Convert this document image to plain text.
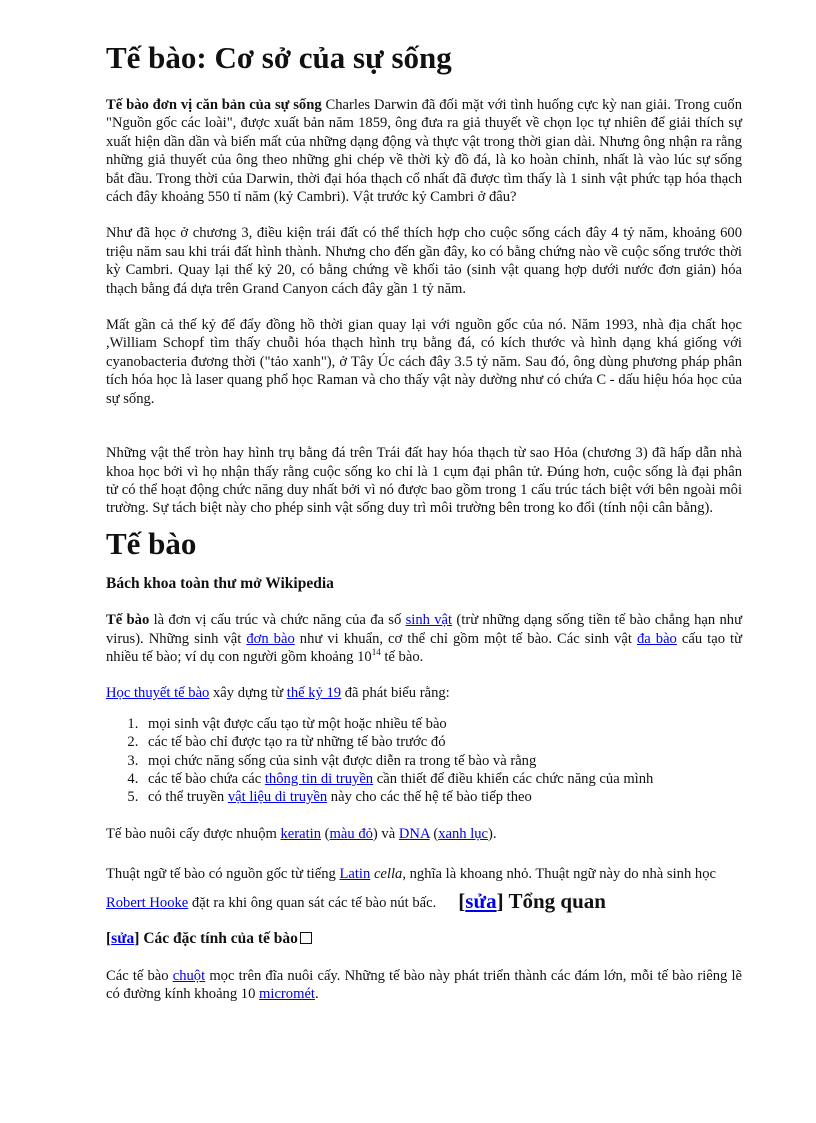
Tế bào: Cơ sở của sự sống

Tế bào đơn vị căn bản của sự sống Charles Darwin đã đối mặt với tình huống cực kỳ nan giải. Trong cuốn "Nguồn gốc các loài", được xuất bản năm 1859, ông đưa ra giả thuyết về chọn lọc tự nhiên để giải thích sự xuất hiện dần dần và biến mất của những dạng động và thực vật trong thời gian dài. Nhưng ông nhận ra rằng những giả thuyết của ông theo những ghi chép về thời kỳ đồ đá, là ko hoàn chỉnh, nhất là vào lúc sự sống bắt đầu. Trong thời của Darwin, thời đại hóa thạch cổ nhất đã được tìm thấy là 1 sinh vật phức tạp hóa thạch cách đây khoảng 550 tỉ năm (kỷ Cambri). Vật trước kỷ Cambri ở đâu?

Như đã học ở chương 3, điều kiện trái đất có thể thích hợp cho cuộc sống cách đây 4 tỷ năm, khoảng 600 triệu năm sau khi trái đất hình thành. Nhưng cho đến gần đây, ko có bằng chứng nào về cuộc sống trước thời kỳ Cambri. Quay lại thế kỷ 20, có bằng chứng về khối tảo (sinh vật quang hợp dưới nước đơn giản) hóa thạch bằng đá dựa trên Grand Canyon cách đây gần 1 tỷ năm.

Mất gần cả thế kỷ để đẩy đồng hồ thời gian quay lại với nguồn gốc của nó. Năm 1993, nhà địa chất học ,William Schopf tìm thấy chuỗi hóa thạch hình trụ bằng đá, có kích thước và hình dạng khá giống với cyanobacteria đương thời ("tảo xanh"), ở Tây Úc cách đây 3.5 tỷ năm. Sau đó, ông dùng phương pháp phân tích hóa học là laser quang phổ học Raman và cho thấy vật này dường như có chứa C - dấu hiệu hóa học của sự sống.

Những vật thể tròn hay hình trụ bằng đá trên Trái đất hay hóa thạch từ sao Hỏa (chương 3) đã hấp dẫn nhà khoa học bởi vì họ nhận thấy rằng cuộc sống ko chỉ là 1 cụm đại phân tử. Đúng hơn, cuộc sống là đại phân tử có thể hoạt động chức năng duy nhất bởi vì nó được bao gồm trong 1 cấu trúc tách biệt với bên ngoài môi trường. Sự tách biệt này cho phép sinh vật sống duy trì môi trường bên trong ko đổi (tính nội cân bằng).

Tế bào
Bách khoa toàn thư mở Wikipedia

Tế bào là đơn vị cấu trúc và chức năng của đa số sinh vật (trừ những dạng sống tiền tế bào chẳng hạn như virus). Những sinh vật đơn bào như vi khuẩn, cơ thể chỉ gồm một tế bào. Các sinh vật đa bào cấu tạo từ nhiều tế bào; ví dụ con người gồm khoảng $10^{14}$ tế bào.

Học thuyết tế bào xây dựng từ thế kỷ 19 đã phát biểu rằng:

1. mọi sinh vật được cấu tạo từ một hoặc nhiều tế bào
2. các tế bào chỉ được tạo ra từ những tế bào trước đó
3. mọi chức năng sống của sinh vật được diễn ra trong tế bào và rằng
4. các tế bào chứa các thông tin di truyền cần thiết để điều khiển các chức năng của mình
5. có thể truyền vật liệu di truyền này cho các thế hệ tế bào tiếp theo

Tế bào nuôi cấy được nhuộm keratin (màu đỏ) và DNA (xanh lục).

Thuật ngữ tế bào có nguồn gốc từ tiếng Latin cella, nghĩa là khoang nhỏ. Thuật ngữ này do nhà sinh học Robert Hooke đặt ra khi ông quan sát các tế bào nút bấc. [sửa] Tổng quan

[sửa] Các đặc tính của tế bào

Các tế bào chuột mọc trên đĩa nuôi cấy. Những tế bào này phát triển thành các đám lớn, mỗi tế bào riêng lẽ có đường kính khoảng 10 micromét.
